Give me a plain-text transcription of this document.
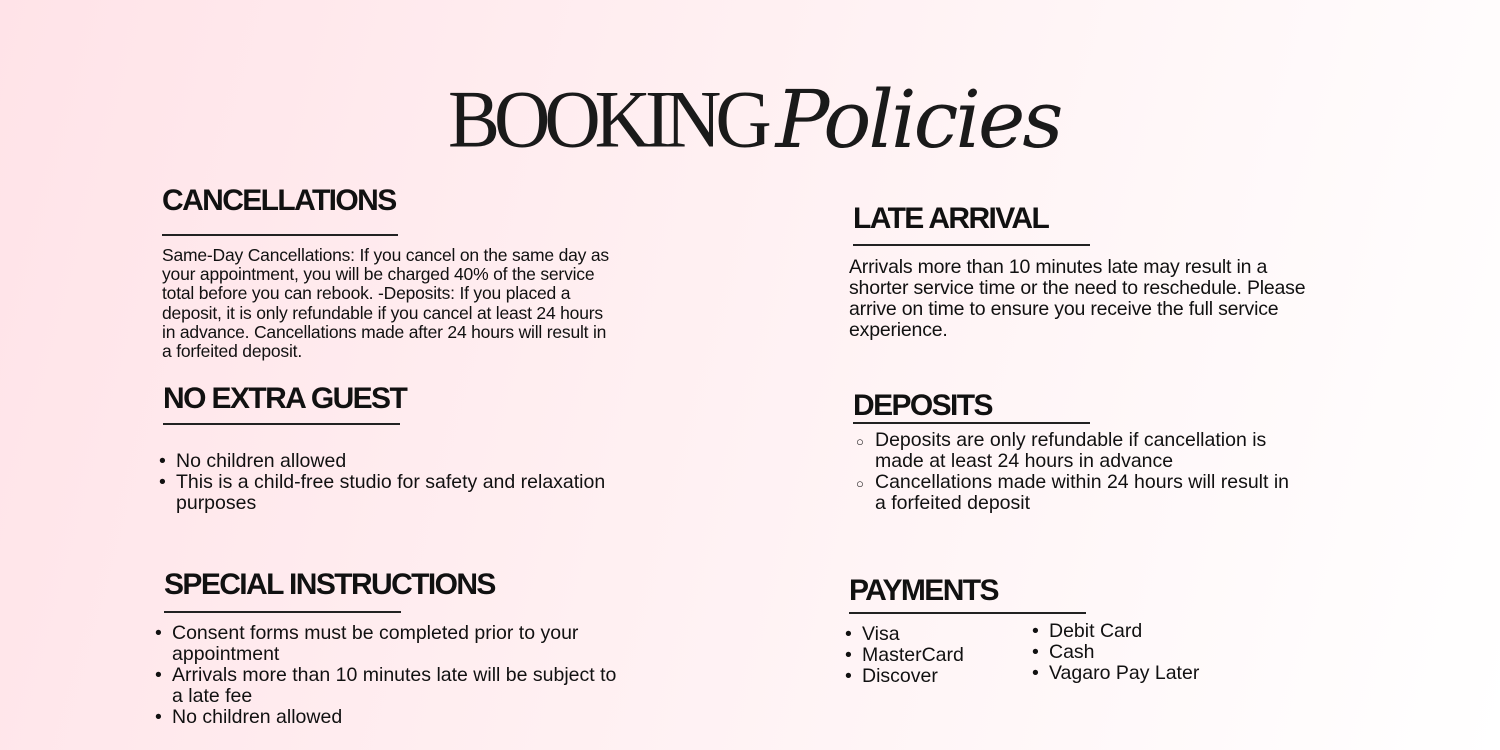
BOOKING Policies
CANCELLATIONS

Same-Day Cancellations: If you cancel on the same day as your appointment, you will be charged 40% of the service total before you can rebook. -Deposits: If you placed a deposit, it is only refundable if you cancel at least 24 hours in advance. Cancellations made after 24 hours will result in a forfeited deposit.

LATE ARRIVAL

Arrivals more than 10 minutes late may result in a shorter service time or the need to reschedule. Please arrive on time to ensure you receive the full service experience.

NO EXTRA GUEST
• No children allowed
• This is a child-free studio for safety and relaxation purposes
DEPOSITS
○ Deposits are only refundable if cancellation is made at least 24 hours in advance
○ Cancellations made within 24 hours will result in a forfeited deposit
SPECIAL INSTRUCTIONS
• Consent forms must be completed prior to your appointment
• Arrivals more than 10 minutes late will be subject to a late fee
• No children allowed
PAYMENTS
• Visa
• MasterCard
• Discover
• Debit Card
• Cash
• Vagaro Pay Later
